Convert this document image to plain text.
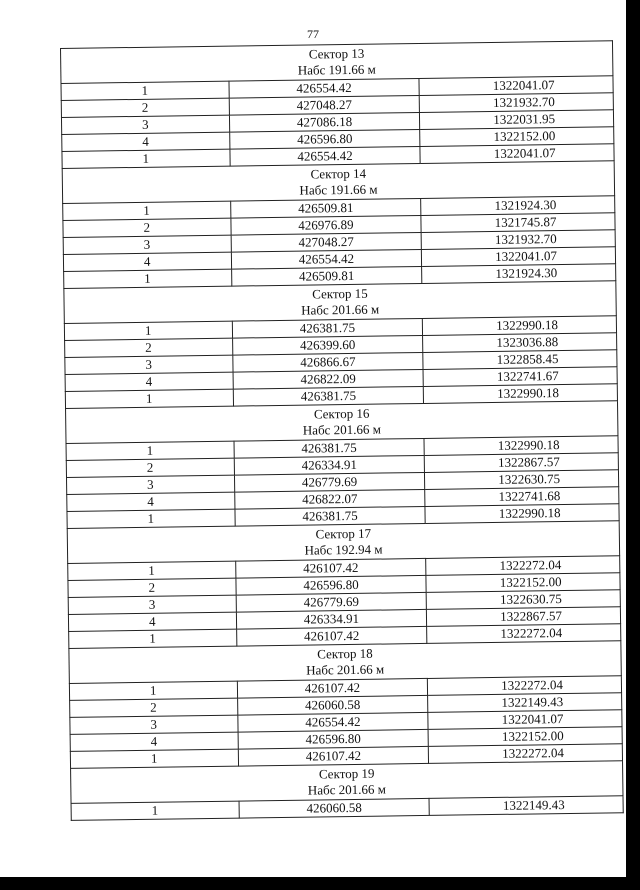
77
Сектор 13
Набс 191.66 м		

1	426554.42	1322041.07
2	427048.27	1321932.70
3	427086.18	1322031.95
4	426596.80	1322152.00
1	426554.42	1322041.07

Сектор 14
Набс 191.66 м		

1	426509.81	1321924.30
2	426976.89	1321745.87
3	427048.27	1321932.70
4	426554.42	1322041.07
1	426509.81	1321924.30

Сектор 15
Набс 201.66 м		

1	426381.75	1322990.18
2	426399.60	1323036.88
3	426866.67	1322858.45
4	426822.09	1322741.67
1	426381.75	1322990.18

Сектор 16
Набс 201.66 м		

1	426381.75	1322990.18
2	426334.91	1322867.57
3	426779.69	1322630.75
4	426822.07	1322741.68
1	426381.75	1322990.18

Сектор 17
Набс 192.94 м		

1	426107.42	1322272.04
2	426596.80	1322152.00
3	426779.69	1322630.75
4	426334.91	1322867.57
1	426107.42	1322272.04

Сектор 18
Набс 201.66 м		

1	426107.42	1322272.04
2	426060.58	1322149.43
3	426554.42	1322041.07
4	426596.80	1322152.00
1	426107.42	1322272.04

Сектор 19
Набс 201.66 м		

1	426060.58	1322149.43
